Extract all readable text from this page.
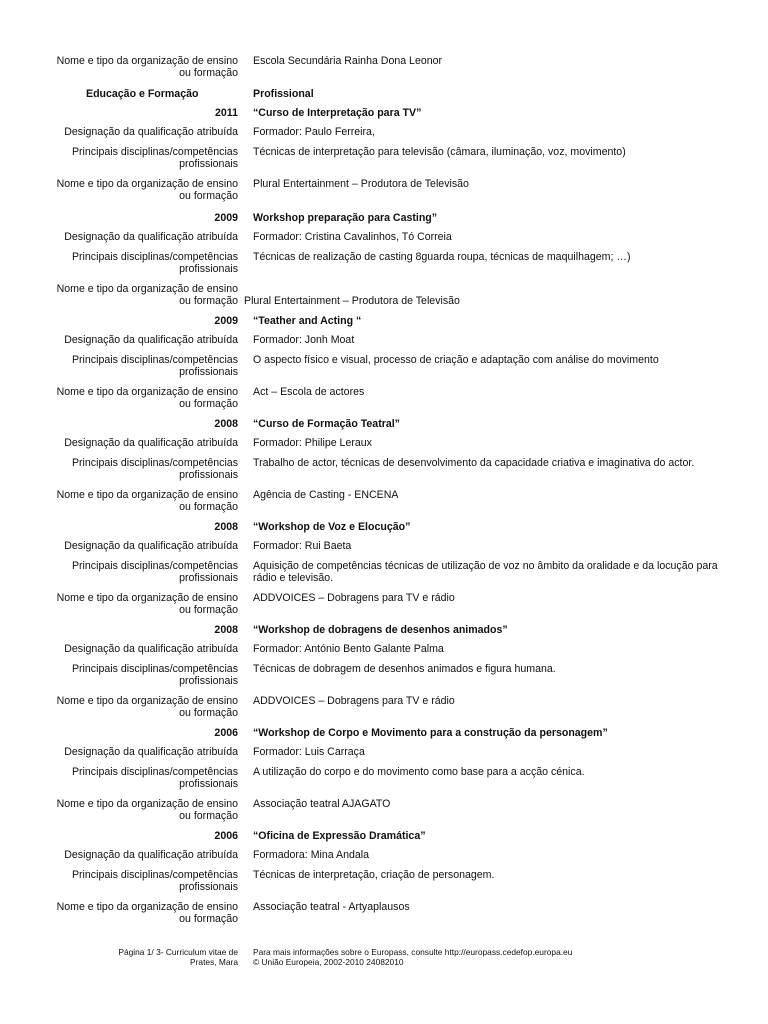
Nome e tipo da organização de ensino
ou formação
Escola Secundária Rainha Dona Leonor
Educação e Formação	Profissional
2011 “Curso de Interpretação para TV”
Designação da qualificação atribuída Formador: Paulo Ferreira,
Principais disciplinas/competências
profissionais
Técnicas de interpretação para televisão (câmara, iluminação, voz, movimento)
Nome e tipo da organização de ensino
ou formação
Plural Entertainment – Produtora de Televisão
2009 Workshop preparação para Casting”
Designação da qualificação atribuída Formador: Cristina Cavalinhos, Tó Correia
Principais disciplinas/competências
profissionais
Técnicas de realização de casting 8guarda roupa, técnicas de maquilhagem; …)
Nome e tipo da organização de ensino
ou formação Plural Entertainment – Produtora de Televisão
2009 “Teather and Acting “
Designação da qualificação atribuída Formador: Jonh Moat
Principais disciplinas/competências
profissionais
O aspecto físico e visual, processo de criação e adaptação com análise do movimento
Nome e tipo da organização de ensino
ou formação
Act – Escola de actores
2008 “Curso de Formação Teatral”
Designação da qualificação atribuída Formador: Philipe Leraux
Principais disciplinas/competências
profissionais
Trabalho de actor, técnicas de desenvolvimento da capacidade criativa e imaginativa do actor.
Nome e tipo da organização de ensino
ou formação
Agência de Casting - ENCENA
2008 “Workshop de Voz e Elocução”
Designação da qualificação atribuída Formador: Rui Baeta
Principais disciplinas/competências
profissionais
Aquisição de competências técnicas de utilização de voz no âmbito da oralidade e da locução para
rádio e televisão.
Nome e tipo da organização de ensino
ou formação
ADDVOICES – Dobragens para TV e rádio
2008 “Workshop de dobragens de desenhos animados”
Designação da qualificação atribuída Formador: António Bento Galante Palma
Principais disciplinas/competências
profissionais
Técnicas de dobragem de desenhos animados e figura humana.
Nome e tipo da organização de ensino
ou formação
ADDVOICES – Dobragens para TV e rádio
2006 “Workshop de Corpo e Movimento para a construção da personagem”
Designação da qualificação atribuída Formador: Luis Carraça
Principais disciplinas/competências
profissionais
A utilização do corpo e do movimento como base para a acção cénica.
Nome e tipo da organização de ensino
ou formação
Associação teatral AJAGATO
2006 “Oficina de Expressão Dramática”
Designação da qualificação atribuída Formadora: Mina Andala
Principais disciplinas/competências
profissionais
Técnicas de interpretação, criação de personagem.
Nome e tipo da organização de ensino
ou formação
Associação teatral - Artyaplausos
Página 1/ 3- Curriculum vitae de
Prates, Mara
Para mais informações sobre o Europass, consulte http://europass.cedefop.europa.eu
© União Europeia, 2002-2010 24082010
